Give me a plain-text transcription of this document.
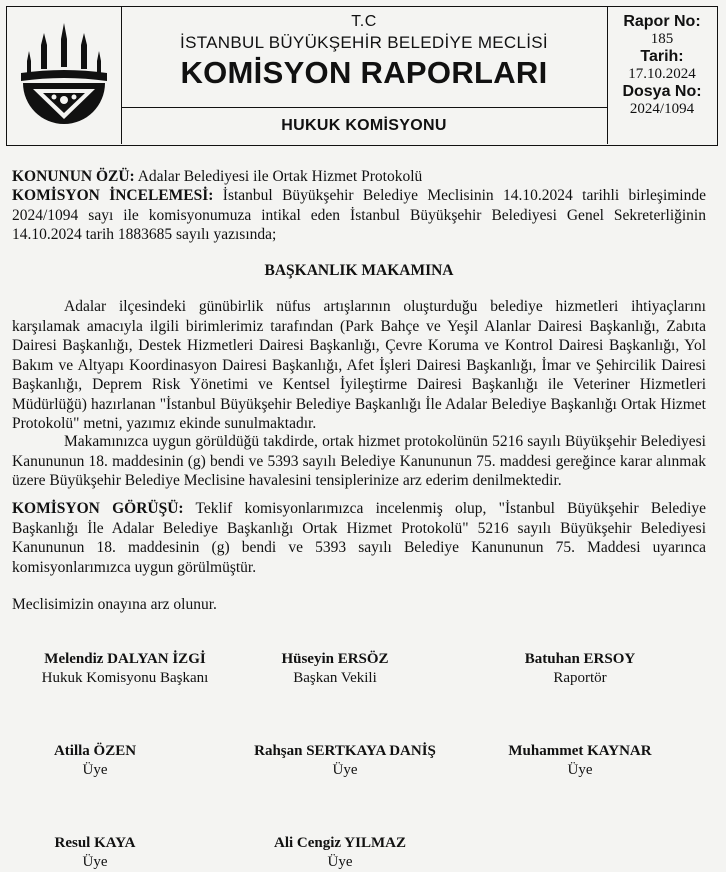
T.C
İSTANBUL BÜYÜKŞEHİR BELEDİYE MECLİSİ
KOMİSYON RAPORLARI
HUKUK KOMİSYONU
Rapor No:
185
Tarih:
17.10.2024
Dosya No:
2024/1094
KONUNUN ÖZÜ: Adalar Belediyesi ile Ortak Hizmet Protokolü
KOMİSYON İNCELEMESİ: İstanbul Büyükşehir Belediye Meclisinin 14.10.2024 tarihli birleşiminde 2024/1094 sayı ile komisyonumuza intikal eden İstanbul Büyükşehir Belediyesi Genel Sekreterliğinin 14.10.2024 tarih 1883685 sayılı yazısında;
BAŞKANLIK MAKAMINA
Adalar ilçesindeki günübirlik nüfus artışlarının oluşturduğu belediye hizmetleri ihtiyaçlarını karşılamak amacıyla ilgili birimlerimiz tarafından (Park Bahçe ve Yeşil Alanlar Dairesi Başkanlığı, Zabıta Dairesi Başkanlığı, Destek Hizmetleri Dairesi Başkanlığı, Çevre Koruma ve Kontrol Dairesi Başkanlığı, Yol Bakım ve Altyapı Koordinasyon Dairesi Başkanlığı, Afet İşleri Dairesi Başkanlığı, İmar ve Şehircilik Dairesi Başkanlığı, Deprem Risk Yönetimi ve Kentsel İyileştirme Dairesi Başkanlığı ile Veteriner Hizmetleri Müdürlüğü) hazırlanan "İstanbul Büyükşehir Belediye Başkanlığı İle Adalar Belediye Başkanlığı Ortak Hizmet Protokolü" metni, yazımız ekinde sunulmaktadır.
Makamınızca uygun görüldüğü takdirde, ortak hizmet protokolünün 5216 sayılı Büyükşehir Belediyesi Kanununun 18. maddesinin (g) bendi ve 5393 sayılı Belediye Kanununun 75. maddesi gereğince karar alınmak üzere Büyükşehir Belediye Meclisine havalesini tensiplerinize arz ederim denilmektedir.
KOMİSYON GÖRÜŞÜ: Teklif komisyonlarımızca incelenmiş olup, "İstanbul Büyükşehir Belediye Başkanlığı İle Adalar Belediye Başkanlığı Ortak Hizmet Protokolü" 5216 sayılı Büyükşehir Belediyesi Kanununun 18. maddesinin (g) bendi ve 5393 sayılı Belediye Kanununun 75. Maddesi uyarınca komisyonlarımızca uygun görülmüştür.
Meclisimizin onayına arz olunur.
Melendiz DALYAN İZGİ
Hukuk Komisyonu Başkanı
Hüseyin ERSÖZ
Başkan Vekili
Batuhan ERSOY
Raportör
Atilla ÖZEN
Üye
Rahşan SERTKAYA DANİŞ
Üye
Muhammet KAYNAR
Üye
Resul KAYA
Üye
Ali Cengiz YILMAZ
Üye
